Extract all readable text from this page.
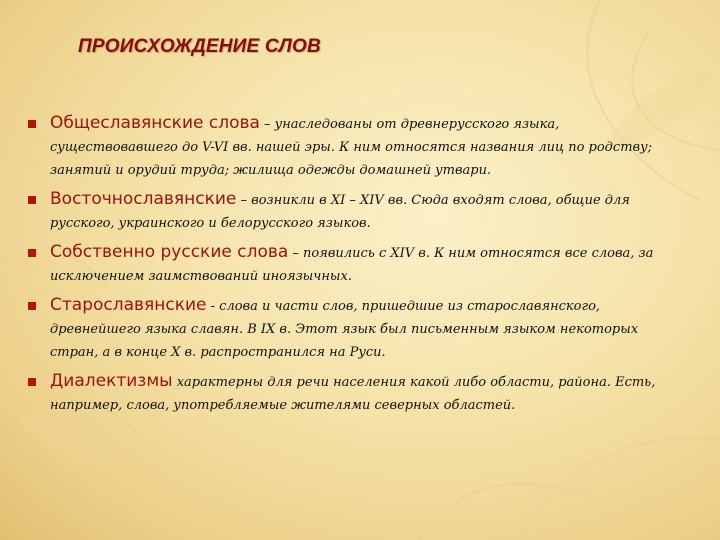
ПРОИСХОЖДЕНИЕ СЛОВ
Общеславянские слова – унаследованы от древнерусского языка, существовавшего до V-VI вв. нашей эры. К ним относятся названия лиц по родству; занятий и орудий труда; жилища одежды домашней утвари.
Восточнославянские – возникли в XI – XIV вв. Сюда входят слова, общие для русского, украинского и белорусского языков.
Собственно русские слова – появились с XIV в. К ним относятся все слова, за исключением заимствований иноязычных.
Старославянские - слова и части слов, пришедшие из старославянского, древнейшего языка славян. В IX в. Этот язык был письменным языком некоторых стран, а в конце X в. распространился на Руси.
Диалектизмы характерны для речи населения какой либо области, района. Есть, например, слова, употребляемые жителями северных областей.
